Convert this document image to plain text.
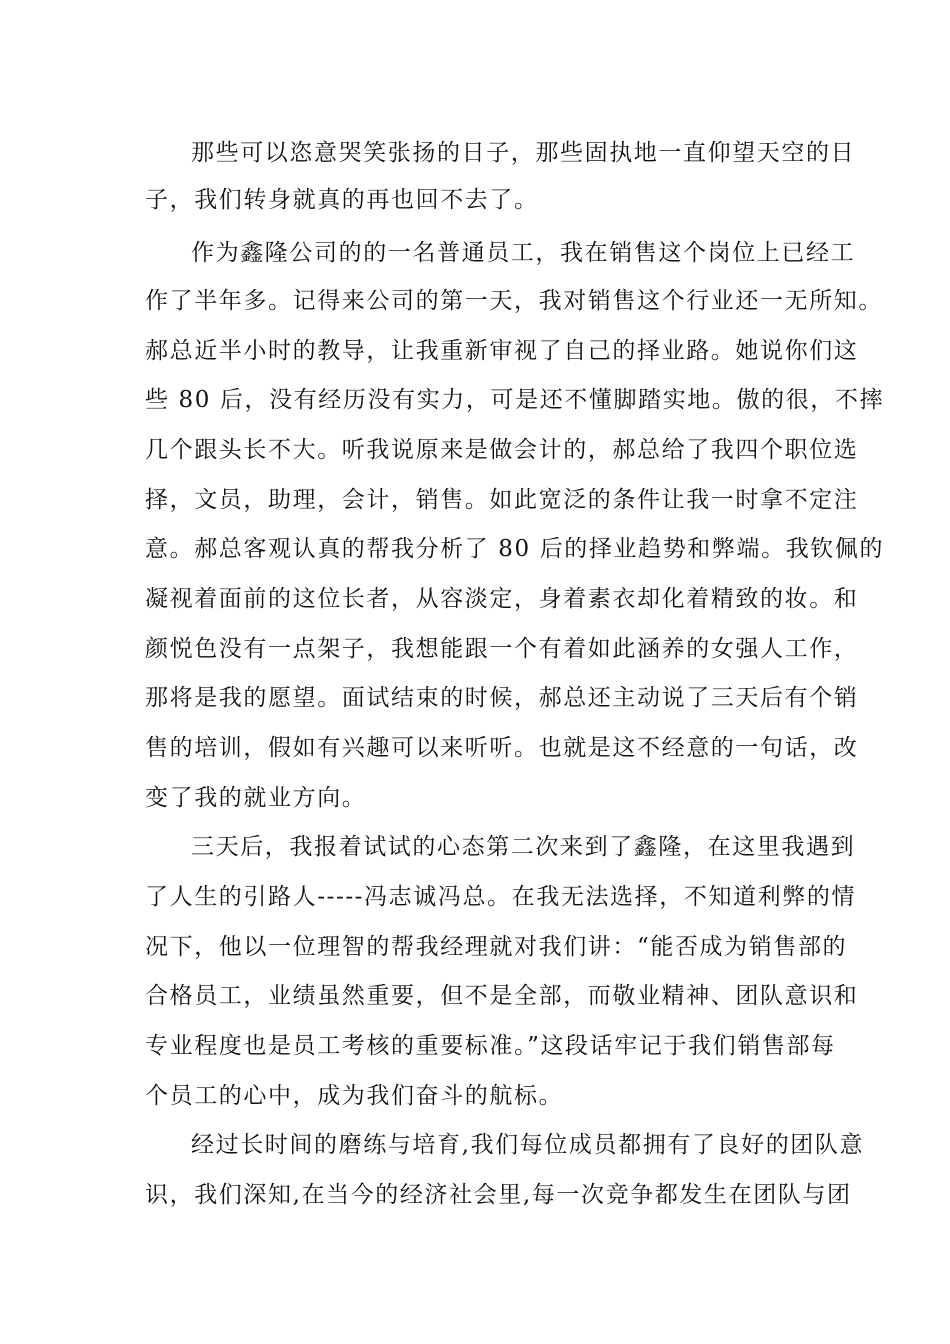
那些可以恣意哭笑张扬的日子，那些固执地一直仰望天空的日
子，我们转身就真的再也回不去了。
作为鑫隆公司的的一名普通员工，我在销售这个岗位上已经工
作了半年多。记得来公司的第一天，我对销售这个行业还一无所知。
郝总近半小时的教导，让我重新审视了自己的择业路。她说你们这
些 80 后，没有经历没有实力，可是还不懂脚踏实地。傲的很，不摔
几个跟头长不大。听我说原来是做会计的，郝总给了我四个职位选
择，文员，助理，会计，销售。如此宽泛的条件让我一时拿不定注
意。郝总客观认真的帮我分析了 80 后的择业趋势和弊端。我钦佩的
凝视着面前的这位长者，从容淡定，身着素衣却化着精致的妆。和
颜悦色没有一点架子，我想能跟一个有着如此涵养的女强人工作，
那将是我的愿望。面试结束的时候，郝总还主动说了三天后有个销
售的培训，假如有兴趣可以来听听。也就是这不经意的一句话，改
变了我的就业方向。
三天后，我报着试试的心态第二次来到了鑫隆，在这里我遇到
了人生的引路人-----冯志诚冯总。在我无法选择，不知道利弊的情
况下，他以一位理智的帮我经理就对我们讲：“能否成为销售部的
合格员工，业绩虽然重要，但不是全部，而敬业精神、团队意识和
专业程度也是员工考核的重要标准。”这段话牢记于我们销售部每
个员工的心中，成为我们奋斗的航标。
经过长时间的磨练与培育,我们每位成员都拥有了良好的团队意
识，我们深知,在当今的经济社会里,每一次竞争都发生在团队与团
